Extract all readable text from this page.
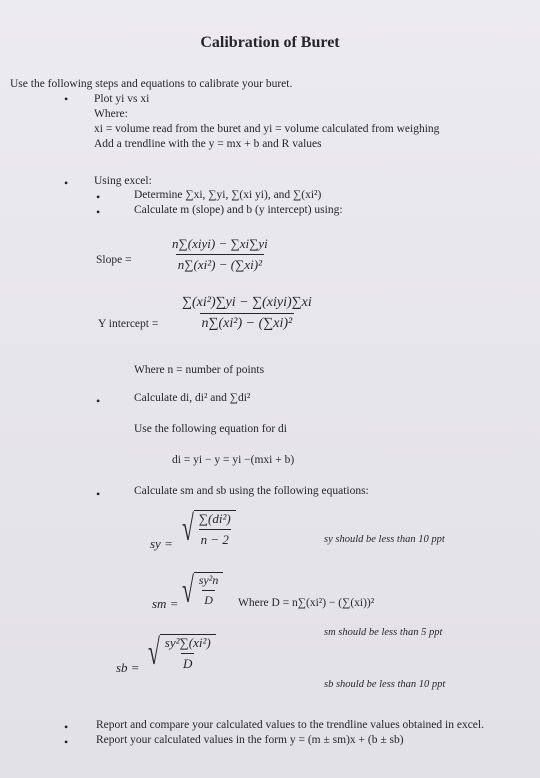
Calibration of Buret
Use the following steps and equations to calibrate your buret.
• Plot yi vs xi
Where:
xi = volume read from the buret and yi = volume calculated from weighing
Add a trendline with the y = mx + b and R values
• Using excel:
•	Determine ∑xi, ∑yi, ∑(xi yi), and ∑(xi²)
•	Calculate m (slope) and b (y intercept) using:
Slope =	$\frac{\text{n∑(xiyi) − ∑xi∑yi}}{\text{n∑(xi²) − (∑xi)²}}$
Y intercept = $\frac{\text{∑(xi²)∑yi − ∑(xiyi)∑xi}}{\text{n∑(xi²) − (∑xi)²}}$
Where n = number of points
•	Calculate di, di² and ∑di²
Use the following equation for di
di = yi − y = yi −(mxi + b)
•	Calculate sm and sb using the following equations:
sy = √ $\frac{\text{∑(di²)}}{n - 2}$	sy should be less than 10 ppt
sm = √ $\frac{\text{sy²n}}{D}$ Where D = n∑(xi²) − (∑(xi))²
sm should be less than 5 ppt
sb = √ $\frac{\text{sy²∑(xi²)}}{D}$
sb should be less than 10 ppt
• Report and compare your calculated values to the trendline values obtained in excel.
• Report your calculated values in the form y = (m ± sm)x + (b ± sb)
